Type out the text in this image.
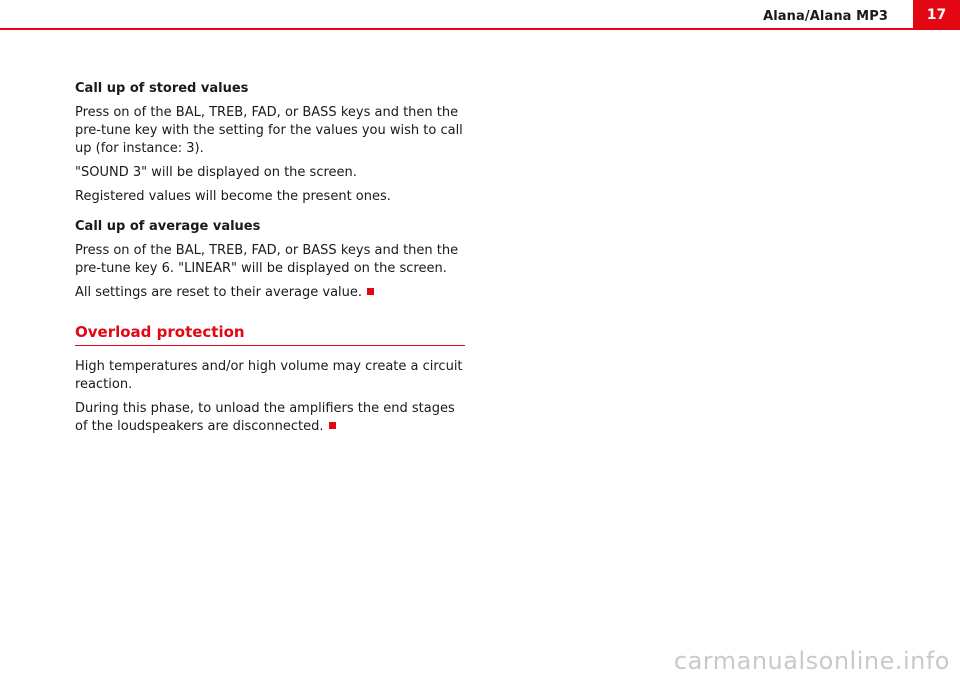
Alana/Alana MP3	17
Call up of stored values

Press on of the BAL, TREB, FAD, or BASS keys and then the pre-tune key with the setting for the values you wish to call up (for instance: 3).

"SOUND 3" will be displayed on the screen.

Registered values will become the present ones.

Call up of average values

Press on of the BAL, TREB, FAD, or BASS keys and then the pre-tune key 6. "LINEAR" will be displayed on the screen.

All settings are reset to their average value.

Overload protection

High temperatures and/or high volume may create a circuit reaction.

During this phase, to unload the amplifiers the end stages of the loudspeakers are disconnected.

carmanualsonline.info
